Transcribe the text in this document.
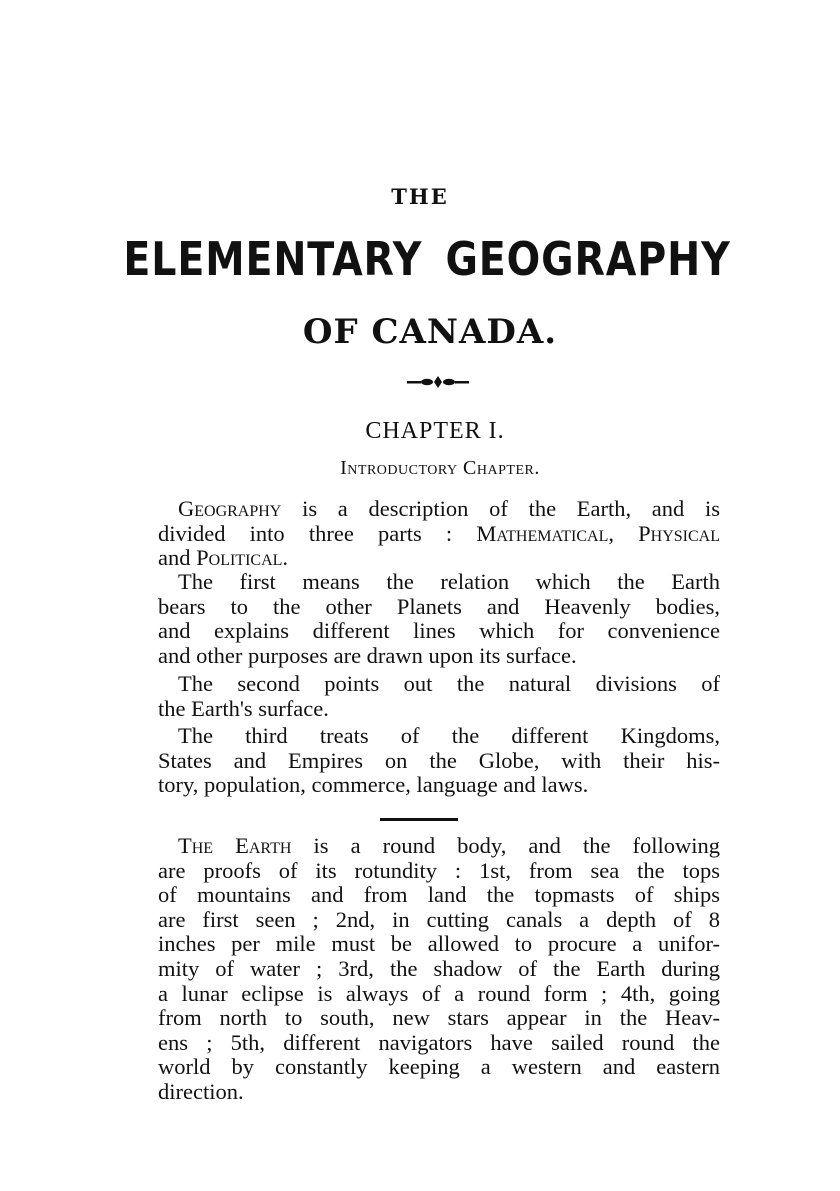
THE
ELEMENTARY GEOGRAPHY
OF CANADA.
CHAPTER I.
Introductory Chapter.
Geography is a description of the Earth, and is
divided into three parts : Mathematical, Physical
and Political.
The first means the relation which the Earth
bears to the other Planets and Heavenly bodies,
and explains different lines which for convenience
and other purposes are drawn upon its surface.
The second points out the natural divisions of
the Earth's surface.
The third treats of the different Kingdoms,
States and Empires on the Globe, with their his-
tory, population, commerce, language and laws.
The Earth is a round body, and the following
are proofs of its rotundity : 1st, from sea the tops
of mountains and from land the topmasts of ships
are first seen ; 2nd, in cutting canals a depth of 8
inches per mile must be allowed to procure a unifor-
mity of water ; 3rd, the shadow of the Earth during
a lunar eclipse is always of a round form ; 4th, going
from north to south, new stars appear in the Heav-
ens ; 5th, different navigators have sailed round the
world by constantly keeping a western and eastern
direction.
